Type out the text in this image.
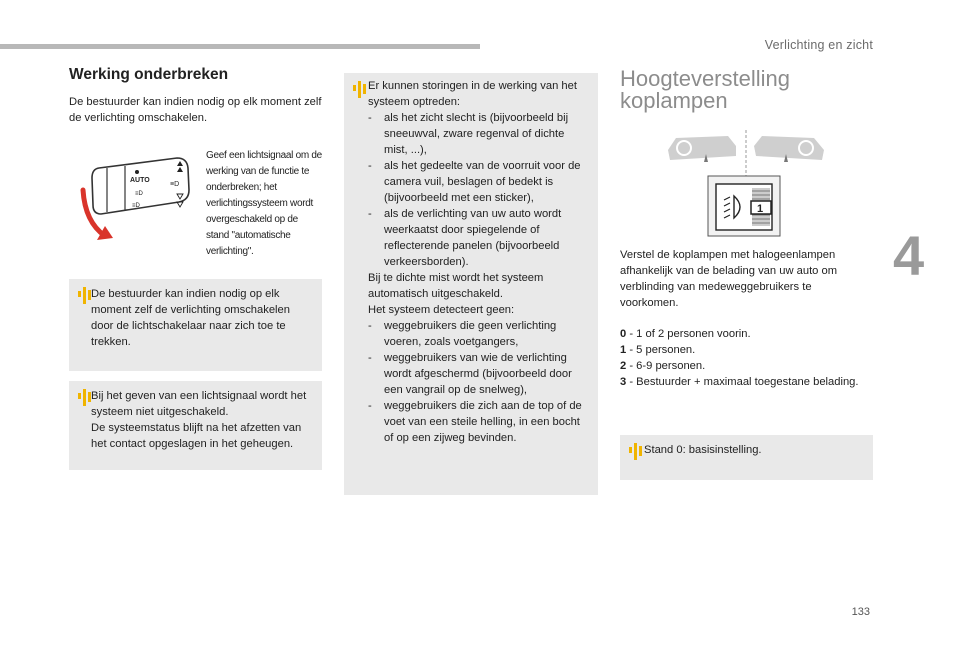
Verlichting en zicht
4
133
Werking onderbreken

De bestuurder kan indien nodig op elk moment zelf de verlichting omschakelen.

AUTO
≡D
≡D
≡D

Geef een lichtsignaal om de werking van de functie te onderbreken; het verlichtingssysteem wordt overgeschakeld op de stand "automatische verlichting".

De bestuurder kan indien nodig op elk moment zelf de verlichting omschakelen door de lichtschakelaar naar zich toe te trekken.

Bij het geven van een lichtsignaal wordt het systeem niet uitgeschakeld.

De systeemstatus blijft na het afzetten van het contact opgeslagen in het geheugen.

Er kunnen storingen in de werking van het systeem optreden:

- als het zicht slecht is (bijvoorbeeld bij sneeuwval, zware regenval of dichte mist, ...),
- als het gedeelte van de voorruit voor de camera vuil, beslagen of bedekt is (bijvoorbeeld met een sticker),
- als de verlichting van uw auto wordt weerkaatst door spiegelende of reflecterende panelen (bijvoorbeeld verkeersborden).

Bij te dichte mist wordt het systeem automatisch uitgeschakeld.

Het systeem detecteert geen:

- weggebruikers die geen verlichting voeren, zoals voetgangers,
- weggebruikers van wie de verlichting wordt afgeschermd (bijvoorbeeld door een vangrail op de snelweg),
- weggebruikers die zich aan de top of de voet van een steile helling, in een bocht of op een zijweg bevinden.
Hoogteverstelling
koplampen
1

Verstel de koplampen met halogeenlampen afhankelijk van de belading van uw auto om verblinding van medeweggebruikers te voorkomen.

0 - 1 of 2 personen voorin.
1 - 5 personen.
2 - 6-9 personen.
3 - Bestuurder + maximaal toegestane belading.

Stand 0: basisinstelling.
